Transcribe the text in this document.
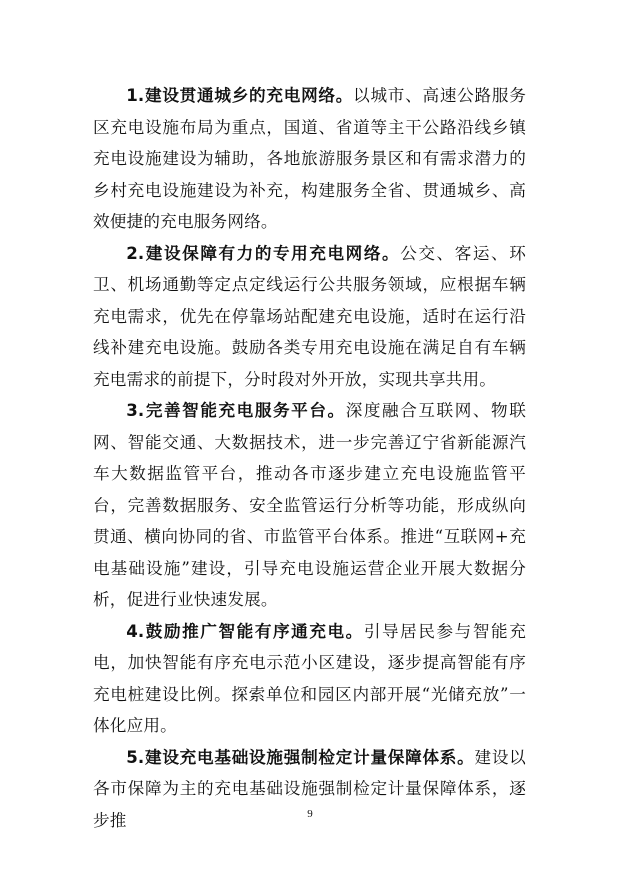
1.建设贯通城乡的充电网络。以城市、高速公路服务区充电设施布局为重点，国道、省道等主干公路沿线乡镇充电设施建设为辅助，各地旅游服务景区和有需求潜力的乡村充电设施建设为补充，构建服务全省、贯通城乡、高效便捷的充电服务网络。

2.建设保障有力的专用充电网络。公交、客运、环卫、机场通勤等定点定线运行公共服务领域，应根据车辆充电需求，优先在停靠场站配建充电设施，适时在运行沿线补建充电设施。鼓励各类专用充电设施在满足自有车辆充电需求的前提下，分时段对外开放，实现共享共用。

3.完善智能充电服务平台。深度融合互联网、物联网、智能交通、大数据技术，进一步完善辽宁省新能源汽车大数据监管平台，推动各市逐步建立充电设施监管平台，完善数据服务、安全监管运行分析等功能，形成纵向贯通、横向协同的省、市监管平台体系。推进“互联网+充电基础设施”建设，引导充电设施运营企业开展大数据分析，促进行业快速发展。

4.鼓励推广智能有序通充电。引导居民参与智能充电，加快智能有序充电示范小区建设，逐步提高智能有序充电桩建设比例。探索单位和园区内部开展“光储充放”一体化应用。

5.建设充电基础设施强制检定计量保障体系。建设以各市保障为主的充电基础设施强制检定计量保障体系，逐步推	9
